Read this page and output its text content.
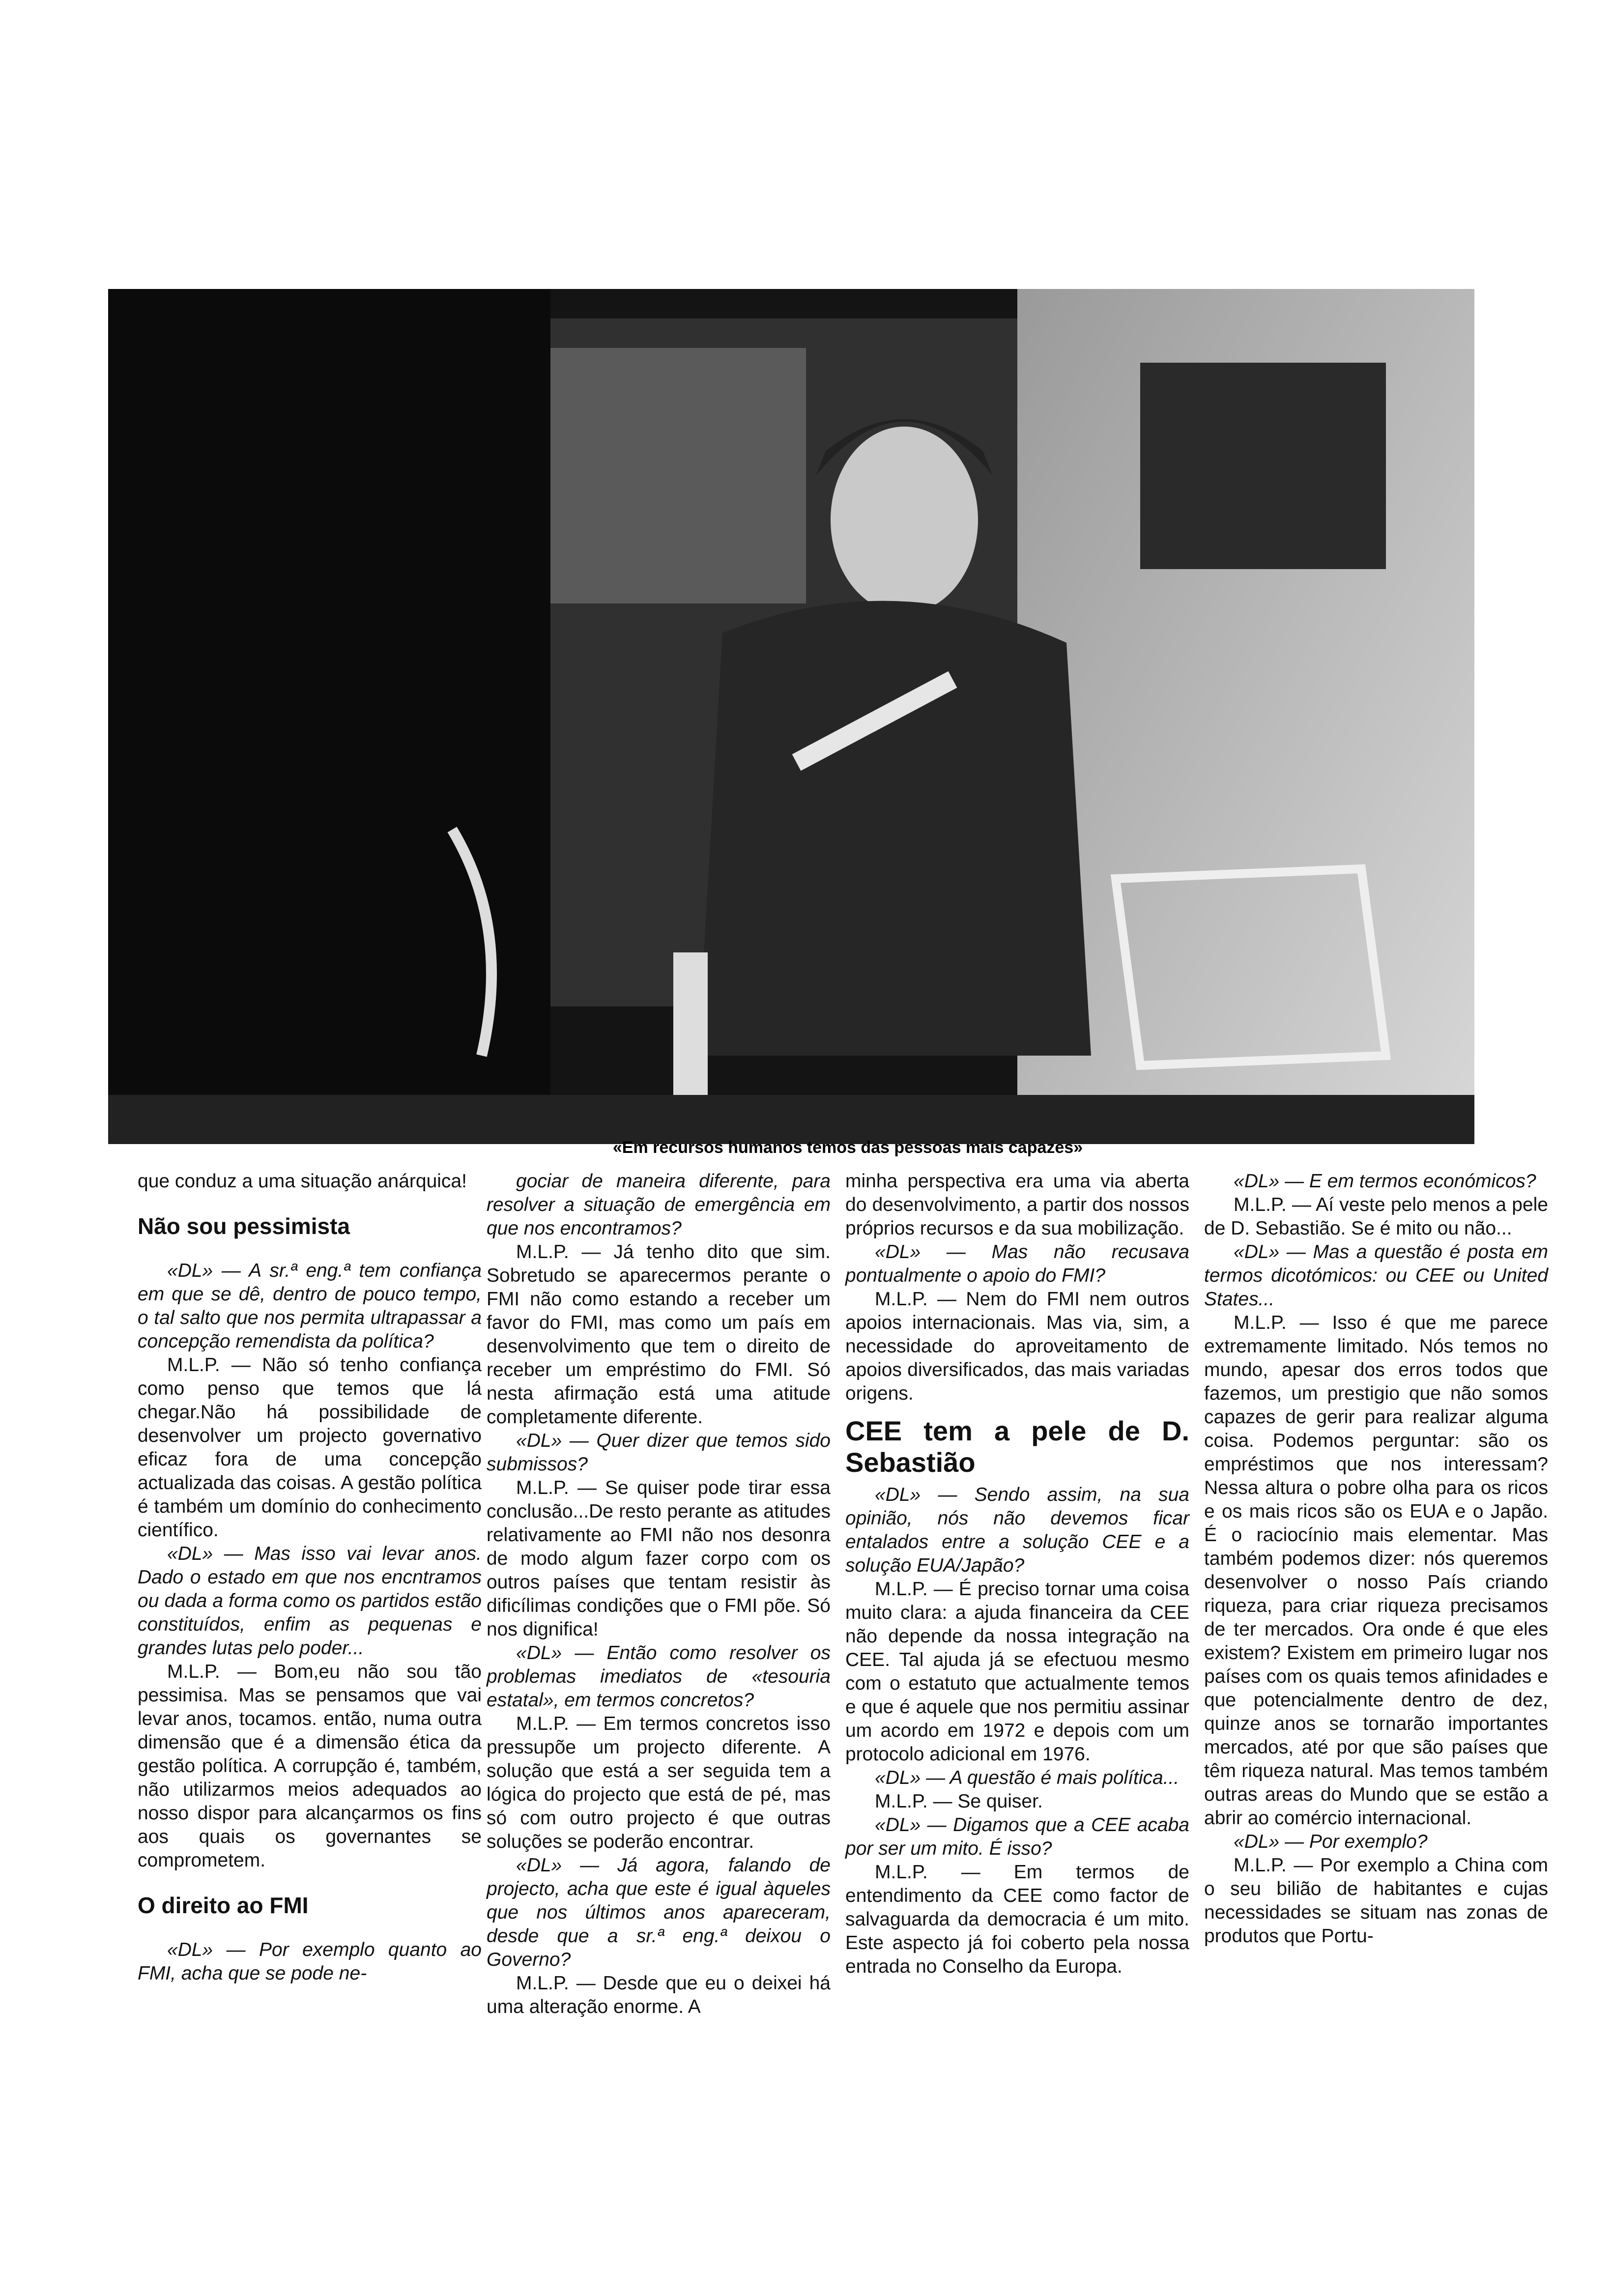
«Em recursos humanos temos das pessoas mais capazes»

que conduz a uma situação anárquica!

Não sou pessimista

«DL» — A sr.ª eng.ª tem confiança em que se dê, dentro de pouco tempo, o tal salto que nos permita ultrapassar a concepção remendista da política?

M.L.P. — Não só tenho confiança como penso que temos que lá chegar.Não há possibilidade de desenvolver um projecto governativo eficaz fora de uma concepção actualizada das coisas. A gestão política é também um domínio do conhecimento científico.

«DL» — Mas isso vai levar anos. Dado o estado em que nos encntramos ou dada a forma como os partidos estão constituídos, enfim as pequenas e grandes lutas pelo poder...

M.L.P. — Bom,eu não sou tão pessimisa. Mas se pensamos que vai levar anos, tocamos. então, numa outra dimensão que é a dimensão ética da gestão política. A corrupção é, também, não utilizarmos meios adequados ao nosso dispor para alcançarmos os fins aos quais os governantes se comprometem.

O direito ao FMI

«DL» — Por exemplo quanto ao FMI, acha que se pode ne-

gociar de maneira diferente, para resolver a situação de emergência em que nos encontramos?

M.L.P. — Já tenho dito que sim. Sobretudo se aparecermos perante o FMI não como estando a receber um favor do FMI, mas como um país em desenvolvimento que tem o direito de receber um empréstimo do FMI. Só nesta afirmação está uma atitude completamente diferente.

«DL» — Quer dizer que temos sido submissos?

M.L.P. — Se quiser pode tirar essa conclusão...De resto perante as atitudes relativamente ao FMI não nos desonra de modo algum fazer corpo com os outros países que tentam resistir às dificílimas condições que o FMI põe. Só nos dignifica!

«DL» — Então como resolver os problemas imediatos de «tesouria estatal», em termos concretos?

M.L.P. — Em termos concretos isso pressupõe um projecto diferente. A solução que está a ser seguida tem a lógica do projecto que está de pé, mas só com outro projecto é que outras soluções se poderão encontrar.

«DL» — Já agora, falando de projecto, acha que este é igual àqueles que nos últimos anos apareceram, desde que a sr.ª eng.ª deixou o Governo?

M.L.P. — Desde que eu o deixei há uma alteração enorme. A

minha perspectiva era uma via aberta do desenvolvimento, a partir dos nossos próprios recursos e da sua mobilização.

«DL» — Mas não recusava pontualmente o apoio do FMI?

M.L.P. — Nem do FMI nem outros apoios internacionais. Mas via, sim, a necessidade do aproveitamento de apoios diversificados, das mais variadas origens.

CEE tem a pele de D. Sebastião

«DL» — Sendo assim, na sua opinião, nós não devemos ficar entalados entre a solução CEE e a solução EUA/Japão?

M.L.P. — É preciso tornar uma coisa muito clara: a ajuda financeira da CEE não depende da nossa integração na CEE. Tal ajuda já se efectuou mesmo com o estatuto que actualmente temos e que é aquele que nos permitiu assinar um acordo em 1972 e depois com um protocolo adicional em 1976.

«DL» — A questão é mais política...

M.L.P. — Se quiser.

«DL» — Digamos que a CEE acaba por ser um mito. É isso?

M.L.P. — Em termos de entendimento da CEE como factor de salvaguarda da democracia é um mito. Este aspecto já foi coberto pela nossa entrada no Conselho da Europa.

«DL» — E em termos económicos?

M.L.P. — Aí veste pelo menos a pele de D. Sebastião. Se é mito ou não...

«DL» — Mas a questão é posta em termos dicotómicos: ou CEE ou United States...

M.L.P. — Isso é que me parece extremamente limitado. Nós temos no mundo, apesar dos erros todos que fazemos, um prestigio que não somos capazes de gerir para realizar alguma coisa. Podemos perguntar: são os empréstimos que nos interessam? Nessa altura o pobre olha para os ricos e os mais ricos são os EUA e o Japão. É o raciocínio mais elementar. Mas também podemos dizer: nós queremos desenvolver o nosso País criando riqueza, para criar riqueza precisamos de ter mercados. Ora onde é que eles existem? Existem em primeiro lugar nos países com os quais temos afinidades e que potencialmente dentro de dez, quinze anos se tornarão importantes mercados, até por que são países que têm riqueza natural. Mas temos também outras areas do Mundo que se estão a abrir ao comércio internacional.

«DL» — Por exemplo?

M.L.P. — Por exemplo a China com o seu bilião de habitantes e cujas necessidades se situam nas zonas de produtos que Portu-
